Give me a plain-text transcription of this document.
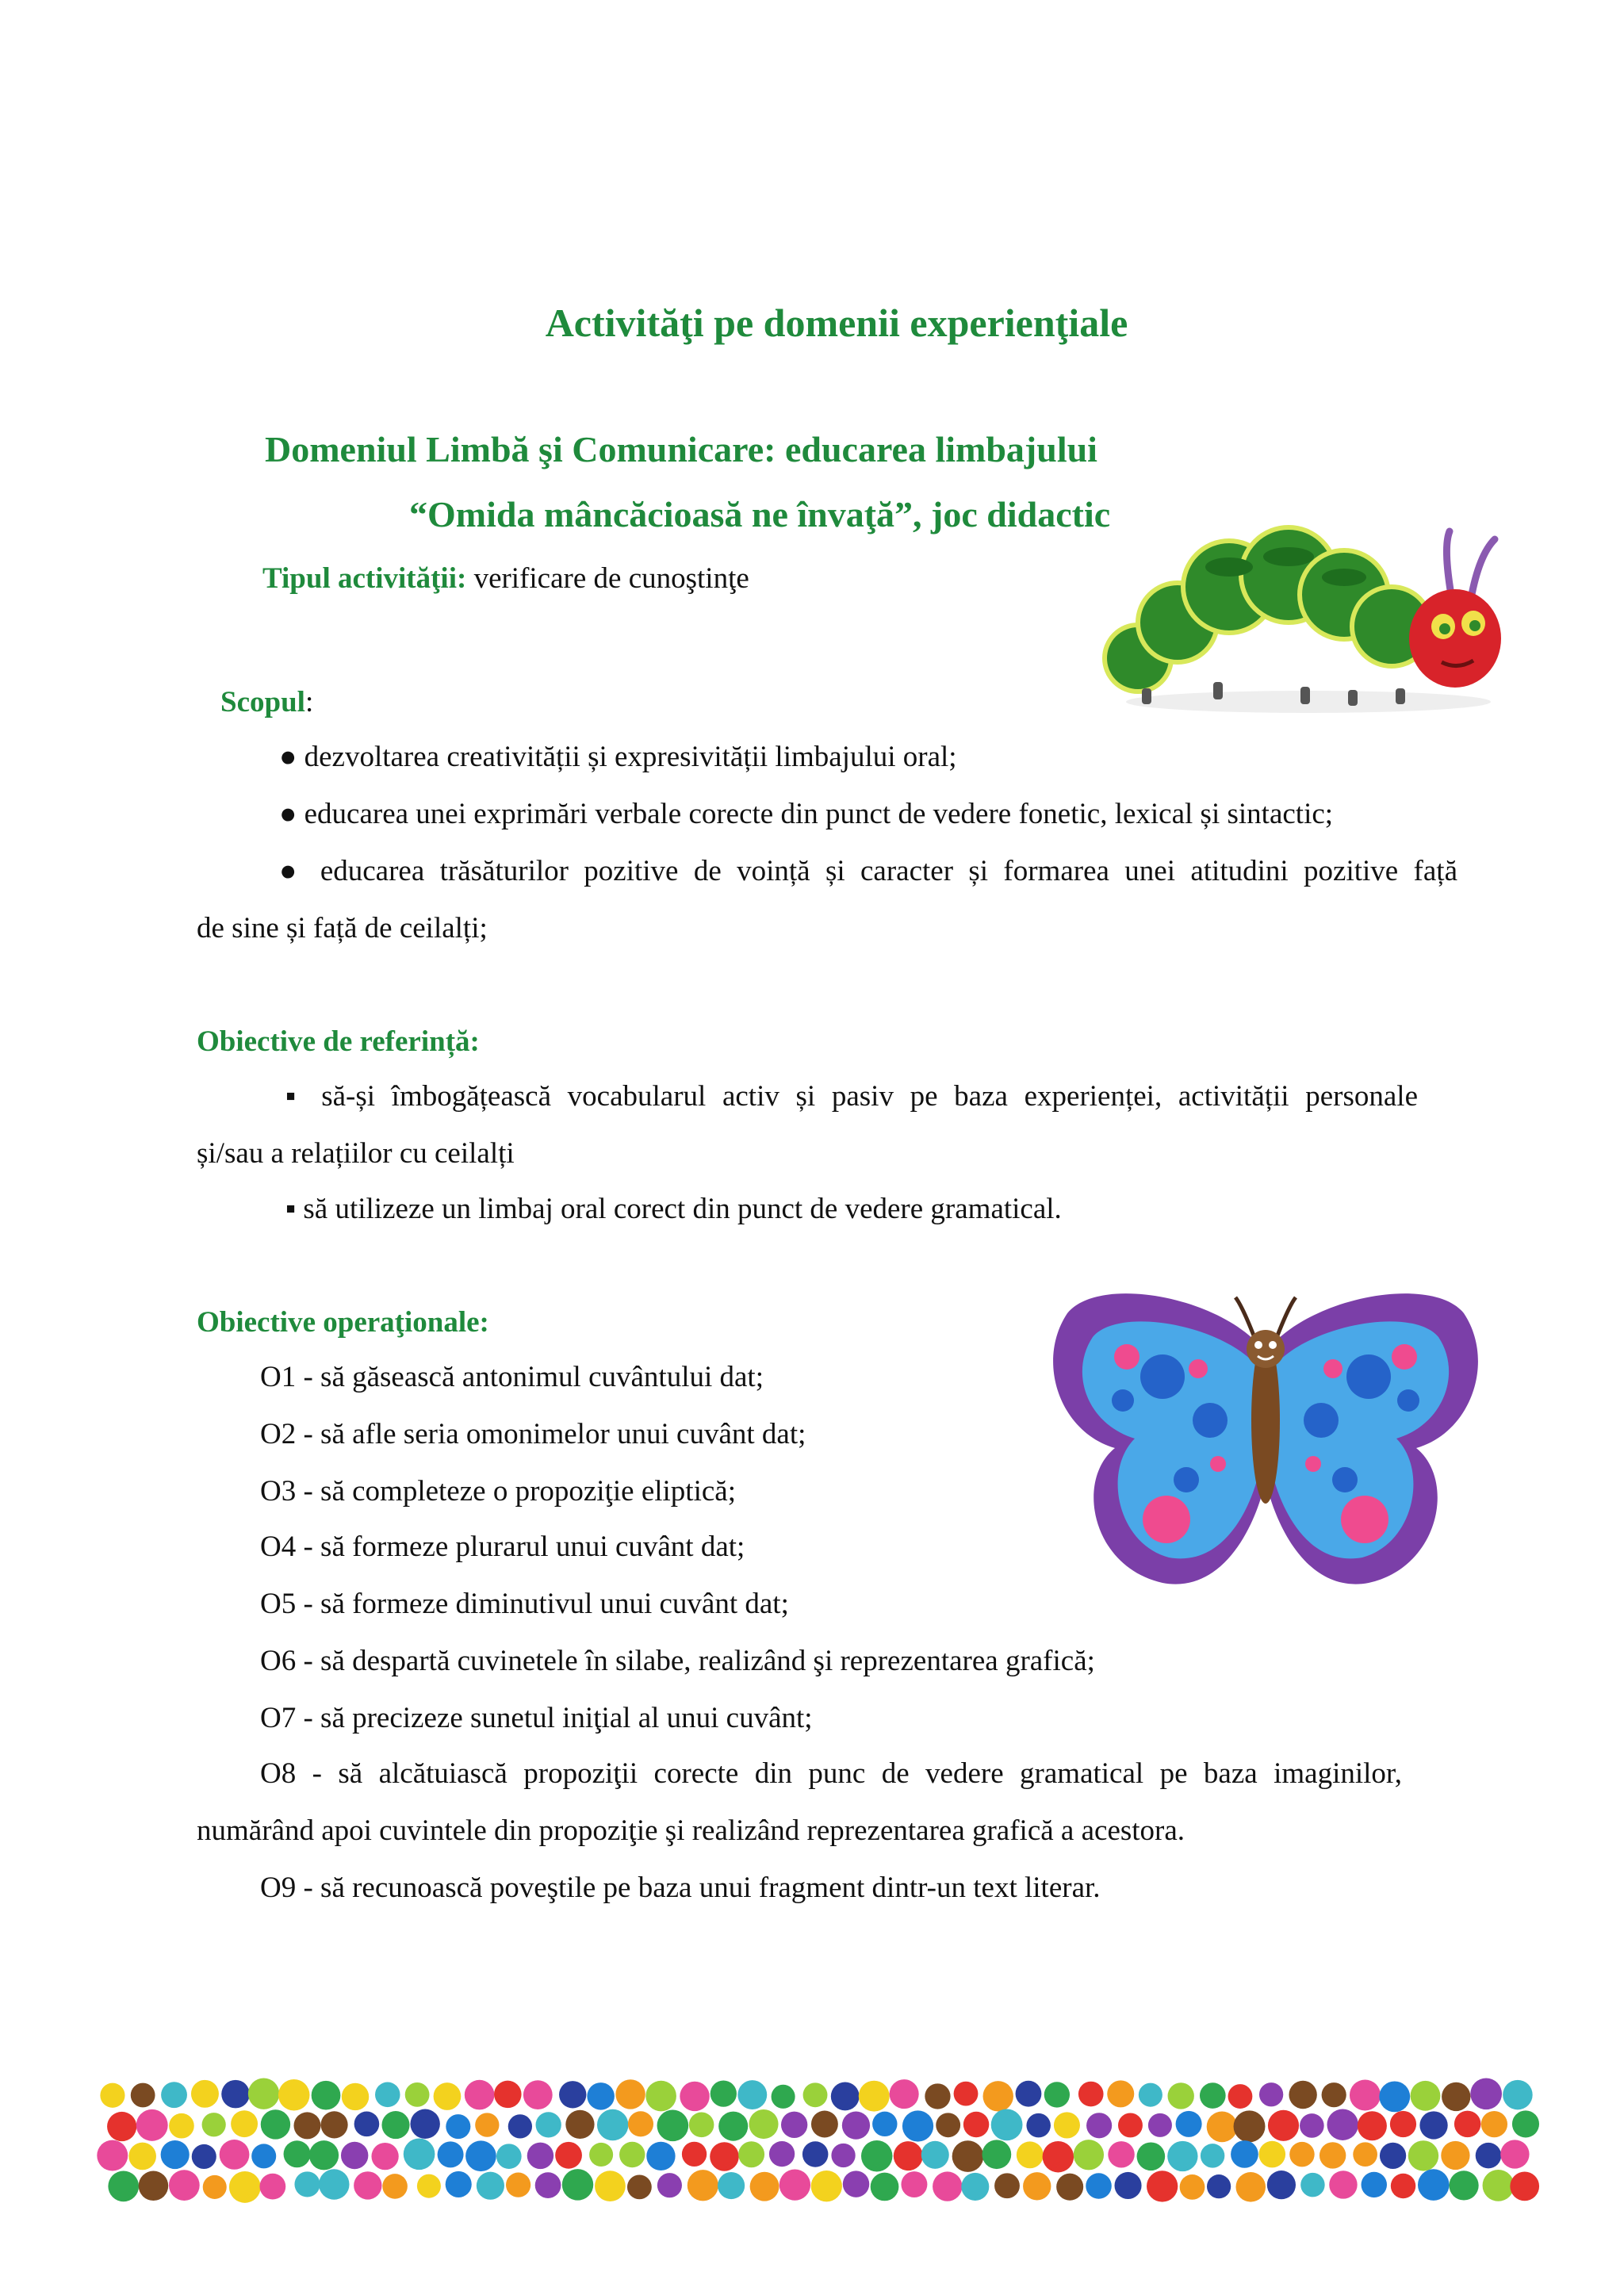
Activităţi pe domenii experienţiale
Domeniul Limbă şi Comunicare: educarea limbajului
“Omida mâncăcioasă ne învaţă”, joc didactic
Tipul activităţii: verificare de cunoştinţe
Scopul:
● dezvoltarea creativității și expresivității limbajului oral;
● educarea unei exprimări verbale corecte din punct de vedere fonetic, lexical și sintactic;
● educarea trăsăturilor pozitive de voință și caracter și formarea unei atitudini pozitive față
de sine și față de ceilalți;
Obiective de referință:
▪ să-și îmbogățească vocabularul activ și pasiv pe baza experienței, activității personale
și/sau a relațiilor cu ceilalți
▪ să utilizeze un limbaj oral corect din punct de vedere gramatical.
Obiective operaţionale:
O1 - să găsească antonimul cuvântului dat;
O2 - să afle seria omonimelor unui cuvânt dat;
O3 - să completeze o propoziţie eliptică;
O4 - să formeze plurarul unui cuvânt dat;
O5 - să formeze diminutivul unui cuvânt dat;
O6 - să despartă cuvinetele în silabe, realizând şi reprezentarea grafică;
O7 - să precizeze sunetul iniţial al unui cuvânt;
O8 - să alcătuiască propoziţii corecte din punc de vedere gramatical pe baza imaginilor,
numărând apoi cuvintele din propoziţie şi realizând reprezentarea grafică a acestora.
O9 - să recunoască poveştile pe baza unui fragment dintr-un text literar.
